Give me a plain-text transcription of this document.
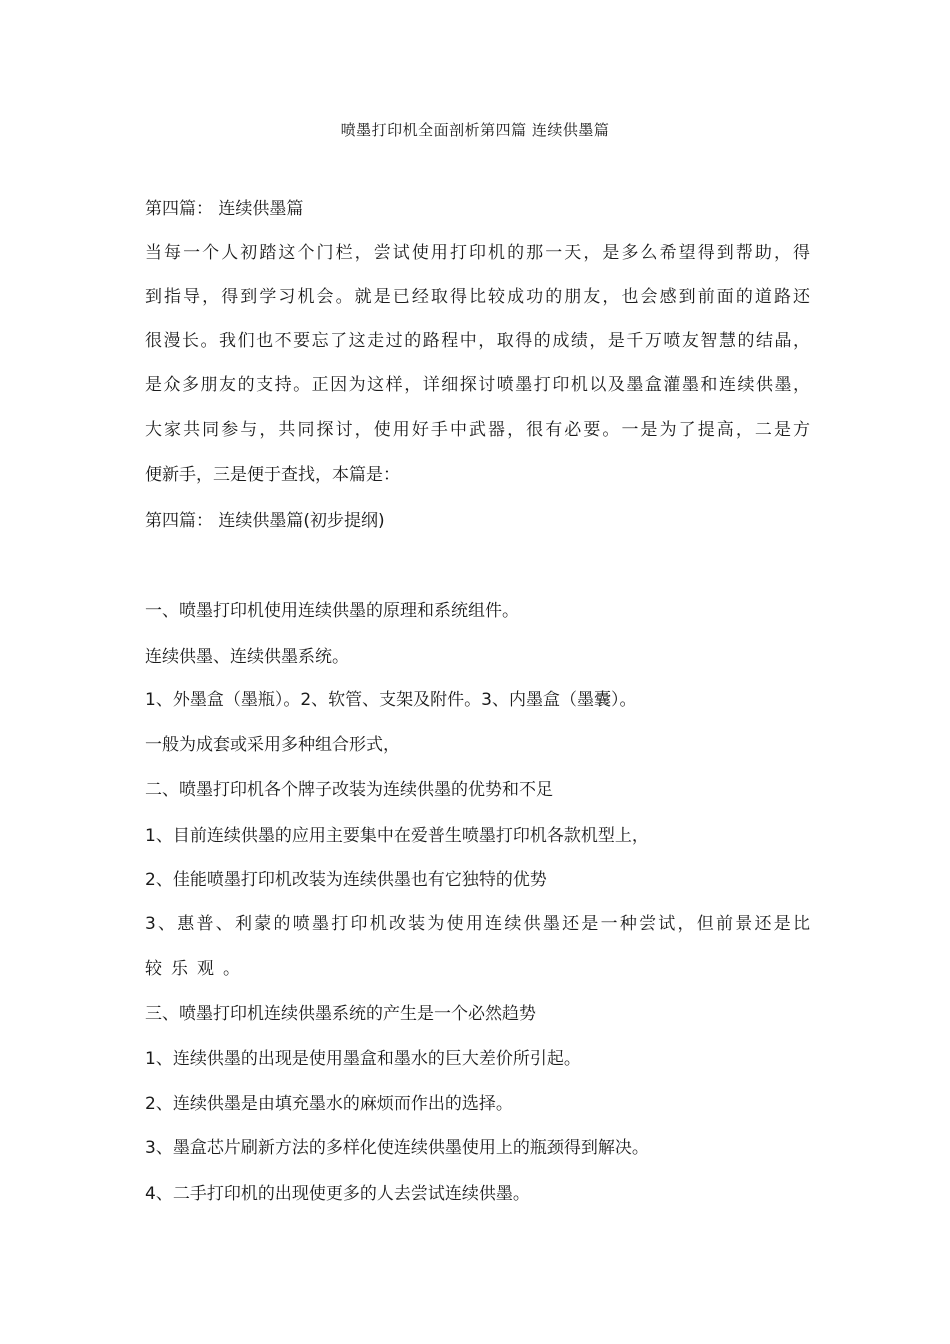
喷墨打印机全面剖析第四篇 连续供墨篇
第四篇： 连续供墨篇
当每一个人初踏这个门栏，尝试使用打印机的那一天，是多么希望得到帮助，得
到指导，得到学习机会。就是已经取得比较成功的朋友，也会感到前面的道路还
很漫长。我们也不要忘了这走过的路程中，取得的成绩，是千万喷友智慧的结晶，
是众多朋友的支持。正因为这样，详细探讨喷墨打印机以及墨盒灌墨和连续供墨，
大家共同参与，共同探讨，使用好手中武器，很有必要。一是为了提高，二是方
便新手，三是便于查找，本篇是：
第四篇： 连续供墨篇(初步提纲)
一、喷墨打印机使用连续供墨的原理和系统组件。
连续供墨、连续供墨系统。
1、外墨盒（墨瓶）。2、软管、支架及附件。3、内墨盒（墨囊）。
一般为成套或采用多种组合形式，
二、喷墨打印机各个牌子改装为连续供墨的优势和不足
1、目前连续供墨的应用主要集中在爱普生喷墨打印机各款机型上，
2、佳能喷墨打印机改装为连续供墨也有它独特的优势
3、惠普、利蒙的喷墨打印机改装为使用连续供墨还是一种尝试，但前景还是比
较乐观。
三、喷墨打印机连续供墨系统的产生是一个必然趋势
1、连续供墨的出现是使用墨盒和墨水的巨大差价所引起。
2、连续供墨是由填充墨水的麻烦而作出的选择。
3、墨盒芯片刷新方法的多样化使连续供墨使用上的瓶颈得到解决。
4、二手打印机的出现使更多的人去尝试连续供墨。
